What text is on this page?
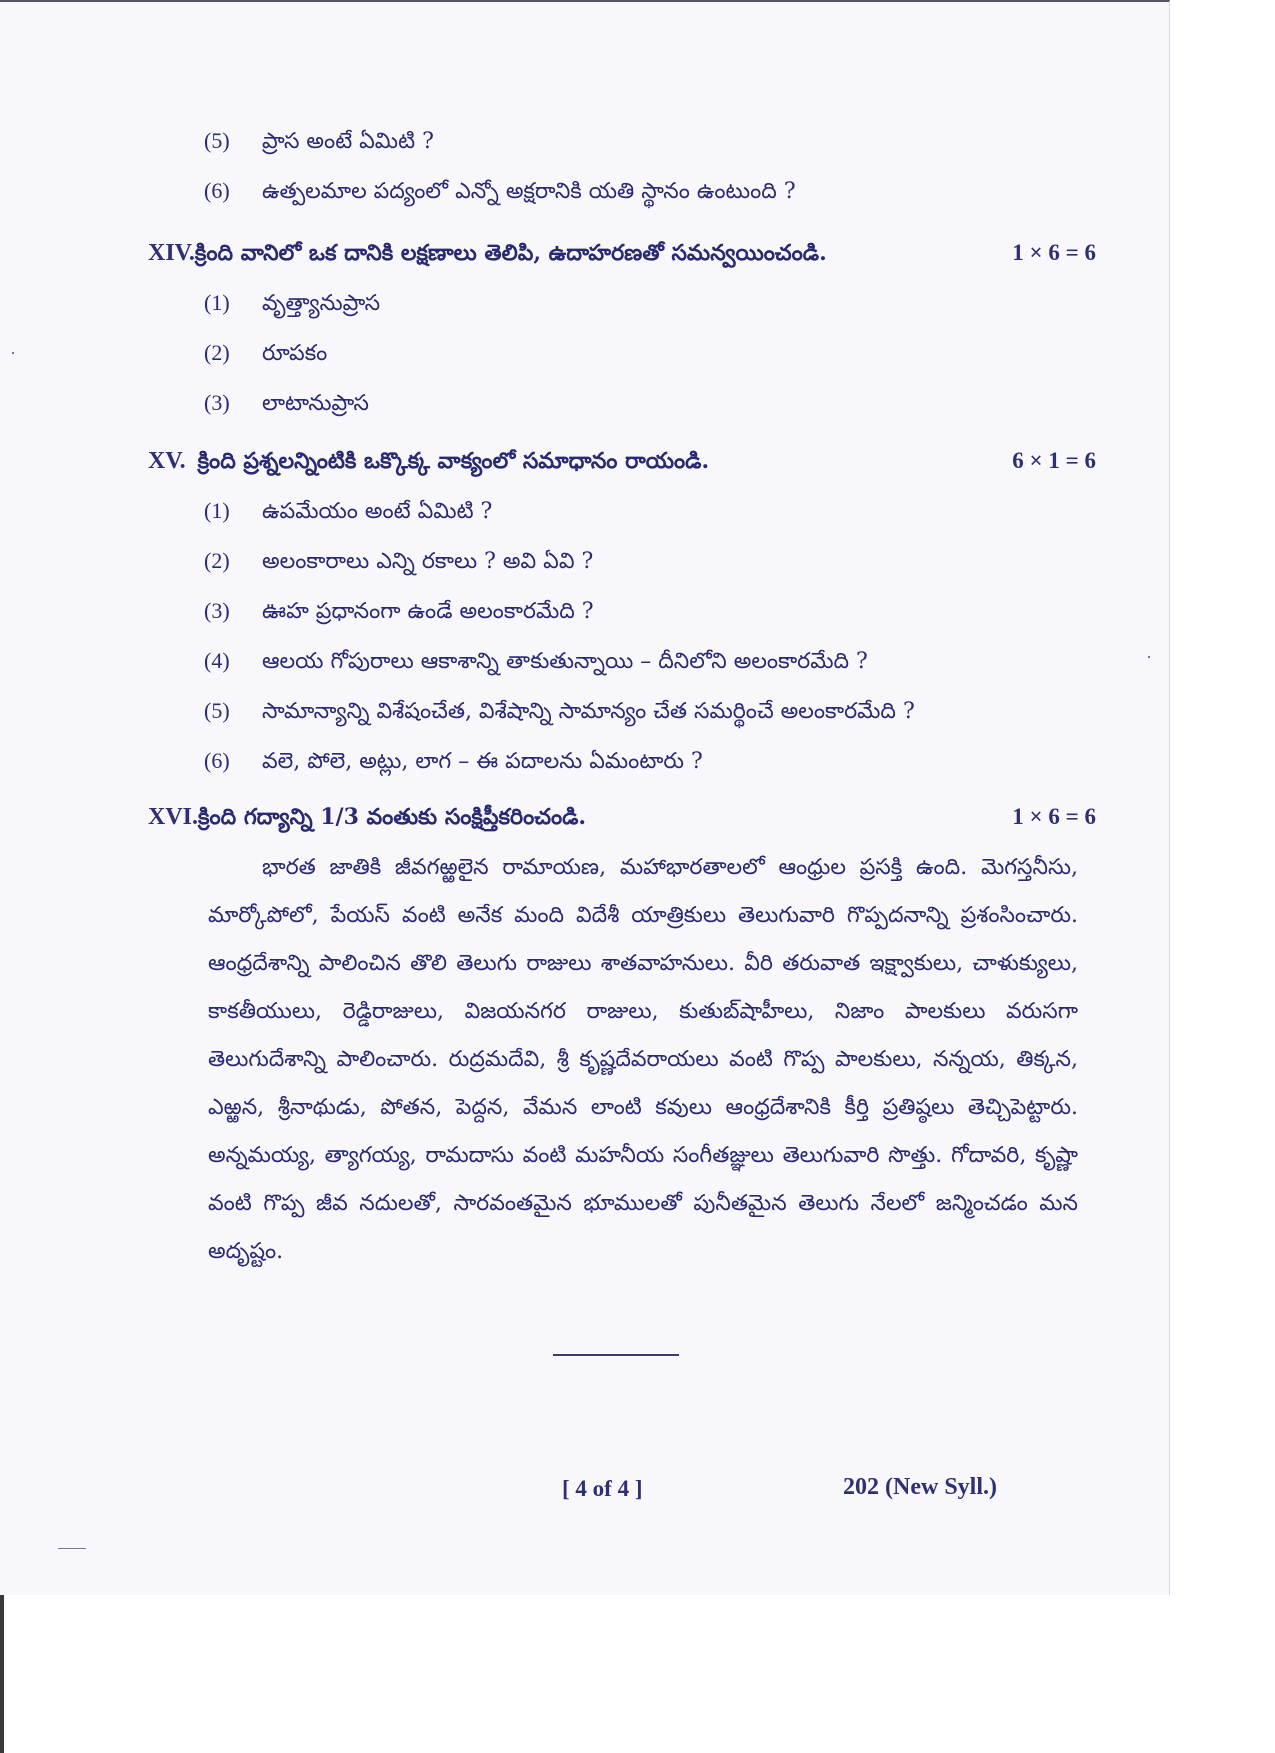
(5) ప్రాస అంటే ఏమిటి ?
(6) ఉత్పలమాల పద్యంలో ఎన్నో అక్షరానికి యతి స్థానం ఉంటుంది ?
XIV.క్రింది వానిలో ఒక దానికి లక్షణాలు తెలిపి, ఉదాహరణతో సమన్వయించండి.	1 × 6 = 6
(1) వృత్త్యానుప్రాస
(2) రూపకం
(3) లాటానుప్రాస
XV. క్రింది ప్రశ్నలన్నింటికి ఒక్కొక్క వాక్యంలో సమాధానం రాయండి.	6 × 1 = 6
(1) ఉపమేయం అంటే ఏమిటి ?
(2) అలంకారాలు ఎన్ని రకాలు ? అవి ఏవి ?
(3) ఊహ ప్రధానంగా ఉండే అలంకారమేది ?
(4) ఆలయ గోపురాలు ఆకాశాన్ని తాకుతున్నాయి – దీనిలోని అలంకారమేది ?
(5) సామాన్యాన్ని విశేషంచేత, విశేషాన్ని సామాన్యం చేత సమర్థించే అలంకారమేది ?
(6) వలె, పోలె, అట్లు, లాగ – ఈ పదాలను ఏమంటారు ?
XVI.క్రింది గద్యాన్ని 1/3 వంతుకు సంక్షిప్తీకరించండి.	1 × 6 = 6

భారత జాతికి జీవగఱ్ఱలైన రామాయణ, మహాభారతాలలో ఆంధ్రుల ప్రసక్తి ఉంది. మెగస్తనీసు, మార్కోపోలో, పేయస్ వంటి అనేక మంది విదేశీ యాత్రికులు తెలుగువారి గొప్పదనాన్ని ప్రశంసించారు. ఆంధ్రదేశాన్ని పాలించిన తొలి తెలుగు రాజులు శాతవాహనులు. వీరి తరువాత ఇక్ష్వాకులు, చాళుక్యులు, కాకతీయులు, రెడ్డిరాజులు, విజయనగర రాజులు, కుతుబ్‌షాహీలు, నిజాం పాలకులు వరుసగా తెలుగుదేశాన్ని పాలించారు. రుద్రమదేవి, శ్రీ కృష్ణదేవరాయలు వంటి గొప్ప పాలకులు, నన్నయ, తిక్కన, ఎఱ్ఱన, శ్రీనాథుడు, పోతన, పెద్దన, వేమన లాంటి కవులు ఆంధ్రదేశానికి కీర్తి ప్రతిష్ఠలు తెచ్చిపెట్టారు. అన్నమయ్య, త్యాగయ్య, రామదాసు వంటి మహనీయ సంగీతజ్ఞులు తెలుగువారి సొత్తు. గోదావరి, కృష్ణా వంటి గొప్ప జీవ నదులతో, సారవంతమైన భూములతో పునీతమైన తెలుగు నేలలో జన్మించడం మన అదృష్టం.

[ 4 of 4 ]	202 (New Syll.)
